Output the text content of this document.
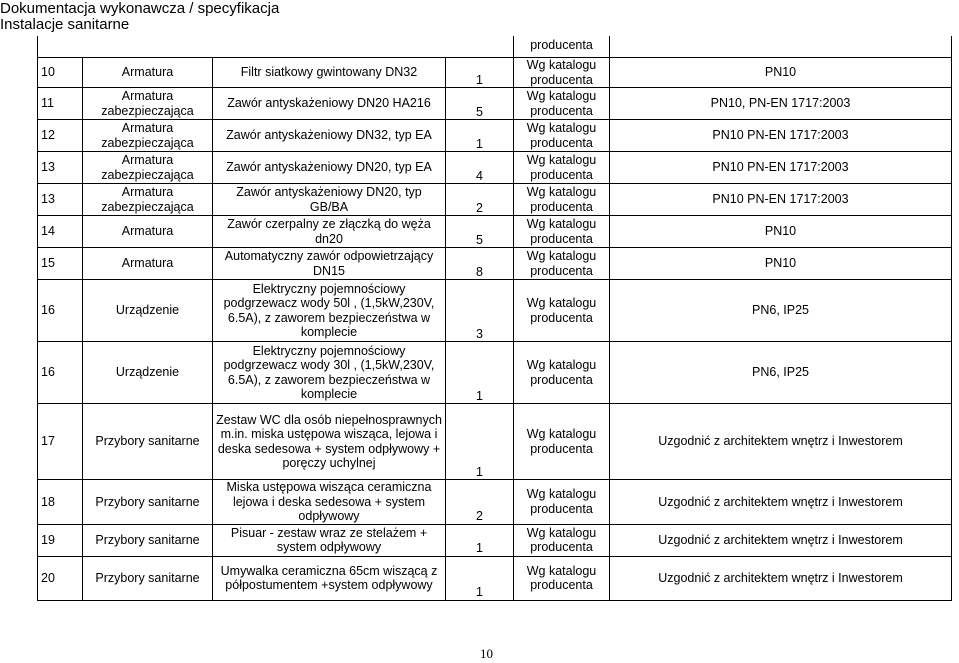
Dokumentacja wykonawcza / specyfikacja
Instalacje sanitarne
producenta
10	Armatura	Filtr siatkowy gwintowany DN32	1	Wg katalogu producenta	PN10
11	Armatura zabezpieczająca	Zawór antyskażeniowy DN20 HA216	5	Wg katalogu producenta	PN10, PN-EN 1717:2003
12	Armatura zabezpieczająca	Zawór antyskażeniowy DN32, typ EA	1	Wg katalogu producenta	PN10 PN-EN 1717:2003
13	Armatura zabezpieczająca	Zawór antyskażeniowy DN20, typ EA	4	Wg katalogu producenta	PN10 PN-EN 1717:2003
13	Armatura zabezpieczająca	Zawór antyskażeniowy DN20, typ GB/BA	2	Wg katalogu producenta	PN10 PN-EN 1717:2003
14	Armatura	Zawór czerpalny ze złączką do węża dn20	5	Wg katalogu producenta	PN10
15	Armatura	Automatyczny zawór odpowietrzający DN15	8	Wg katalogu producenta	PN10
16	Urządzenie	Elektryczny pojemnościowy podgrzewacz wody 50l , (1,5kW,230V, 6.5A), z zaworem bezpieczeństwa w komplecie	3	Wg katalogu producenta	PN6, IP25
16	Urządzenie	Elektryczny pojemnościowy podgrzewacz wody 30l , (1,5kW,230V, 6.5A), z zaworem bezpieczeństwa w komplecie	1	Wg katalogu producenta	PN6, IP25
17	Przybory sanitarne	Zestaw WC dla osób niepełnosprawnych m.in. miska ustępowa wisząca, lejowa i deska sedesowa + system odpływowy + poręczy uchylnej	1	Wg katalogu producenta	Uzgodnić z architektem wnętrz i Inwestorem
18	Przybory sanitarne	Miska ustępowa wisząca ceramiczna lejowa i deska sedesowa + system odpływowy	2	Wg katalogu producenta	Uzgodnić z architektem wnętrz i Inwestorem
19	Przybory sanitarne	Pisuar - zestaw wraz ze stelażem + system odpływowy	1	Wg katalogu producenta	Uzgodnić z architektem wnętrz i Inwestorem
20	Przybory sanitarne	Umywalka ceramiczna 65cm wiszącą z półpostumentem +system odpływowy	1	Wg katalogu producenta	Uzgodnić z architektem wnętrz i Inwestorem
10
